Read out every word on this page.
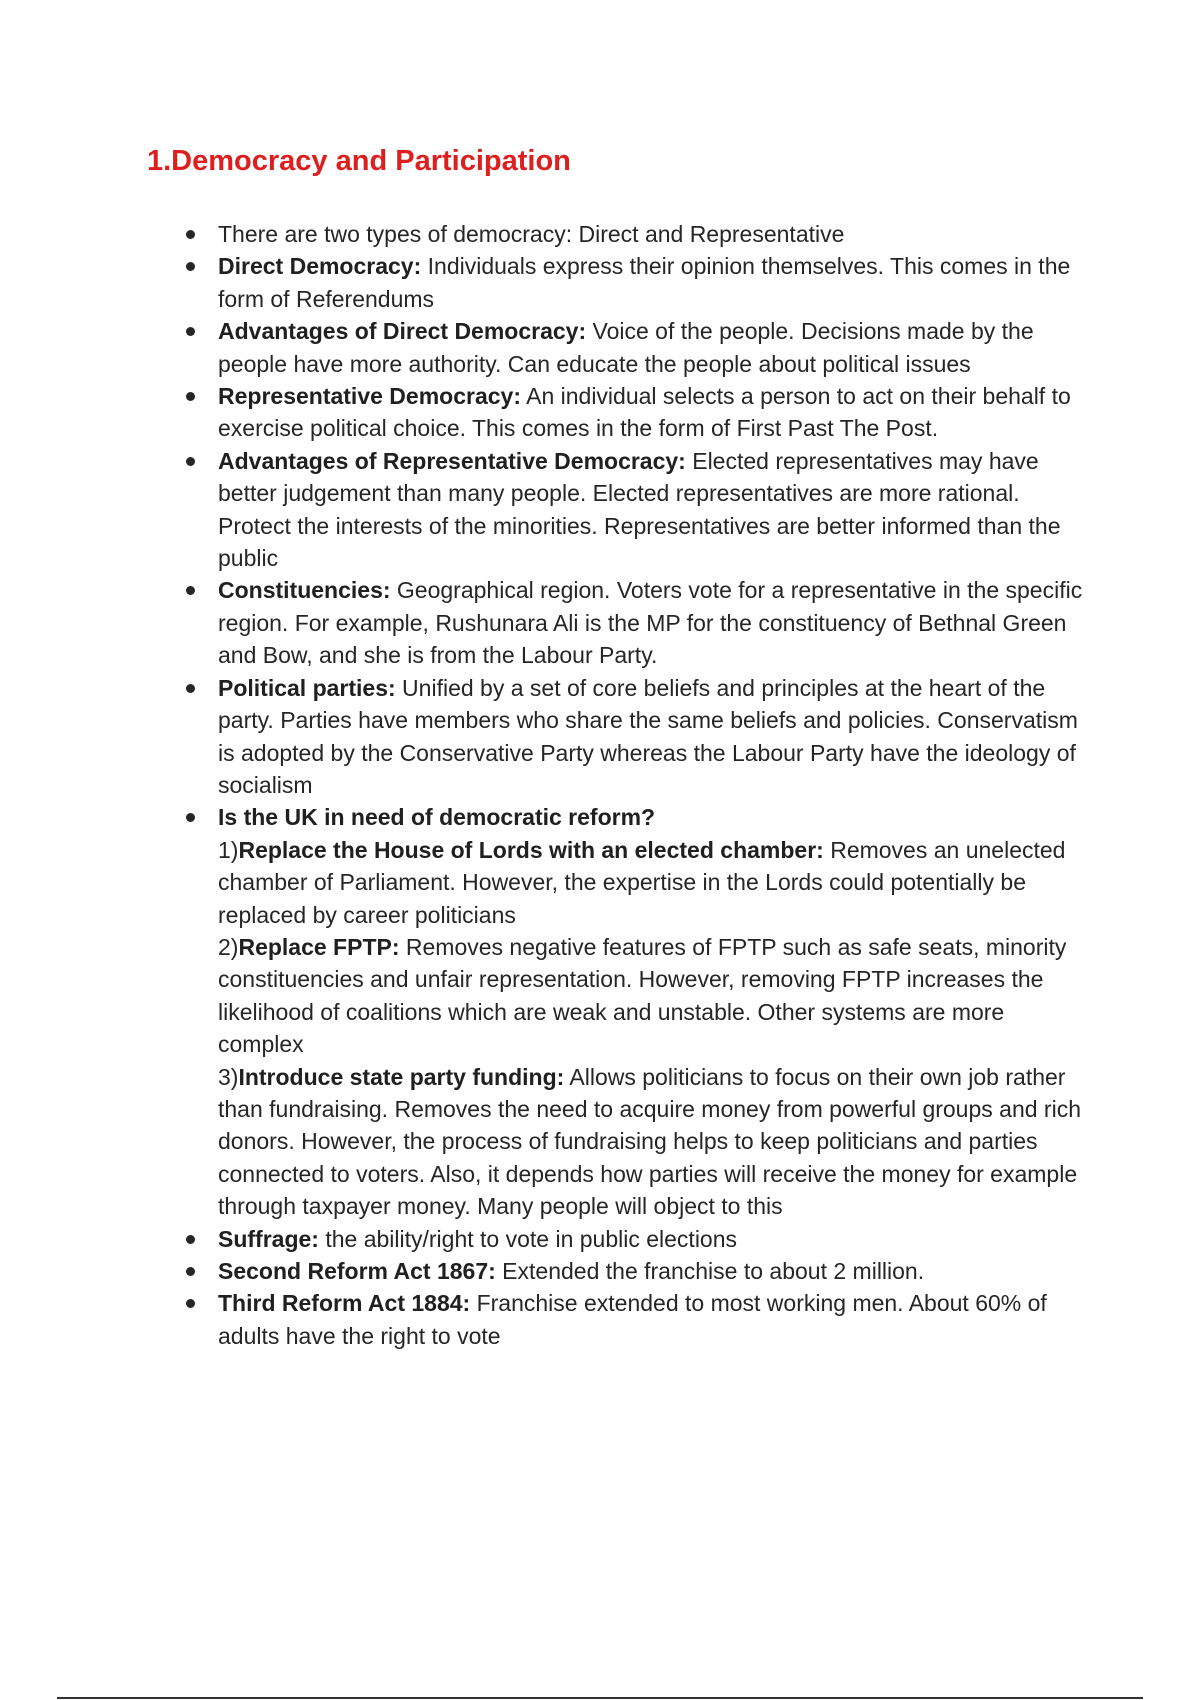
1.Democracy and Participation
There are two types of democracy: Direct and Representative
Direct Democracy: Individuals express their opinion themselves. This comes in the form of Referendums
Advantages of Direct Democracy: Voice of the people. Decisions made by the people have more authority. Can educate the people about political issues
Representative Democracy: An individual selects a person to act on their behalf to exercise political choice. This comes in the form of First Past The Post.
Advantages of Representative Democracy: Elected representatives may have better judgement than many people. Elected representatives are more rational. Protect the interests of the minorities. Representatives are better informed than the public
Constituencies: Geographical region. Voters vote for a representative in the specific region. For example, Rushunara Ali is the MP for the constituency of Bethnal Green and Bow, and she is from the Labour Party.
Political parties: Unified by a set of core beliefs and principles at the heart of the party. Parties have members who share the same beliefs and policies. Conservatism is adopted by the Conservative Party whereas the Labour Party have the ideology of socialism
Is the UK in need of democratic reform?
1)Replace the House of Lords with an elected chamber: Removes an unelected chamber of Parliament. However, the expertise in the Lords could potentially be replaced by career politicians
2)Replace FPTP: Removes negative features of FPTP such as safe seats, minority constituencies and unfair representation. However, removing FPTP increases the likelihood of coalitions which are weak and unstable. Other systems are more complex
3)Introduce state party funding: Allows politicians to focus on their own job rather than fundraising. Removes the need to acquire money from powerful groups and rich donors. However, the process of fundraising helps to keep politicians and parties connected to voters. Also, it depends how parties will receive the money for example through taxpayer money. Many people will object to this
Suffrage: the ability/right to vote in public elections
Second Reform Act 1867: Extended the franchise to about 2 million.
Third Reform Act 1884: Franchise extended to most working men. About 60% of adults have the right to vote
